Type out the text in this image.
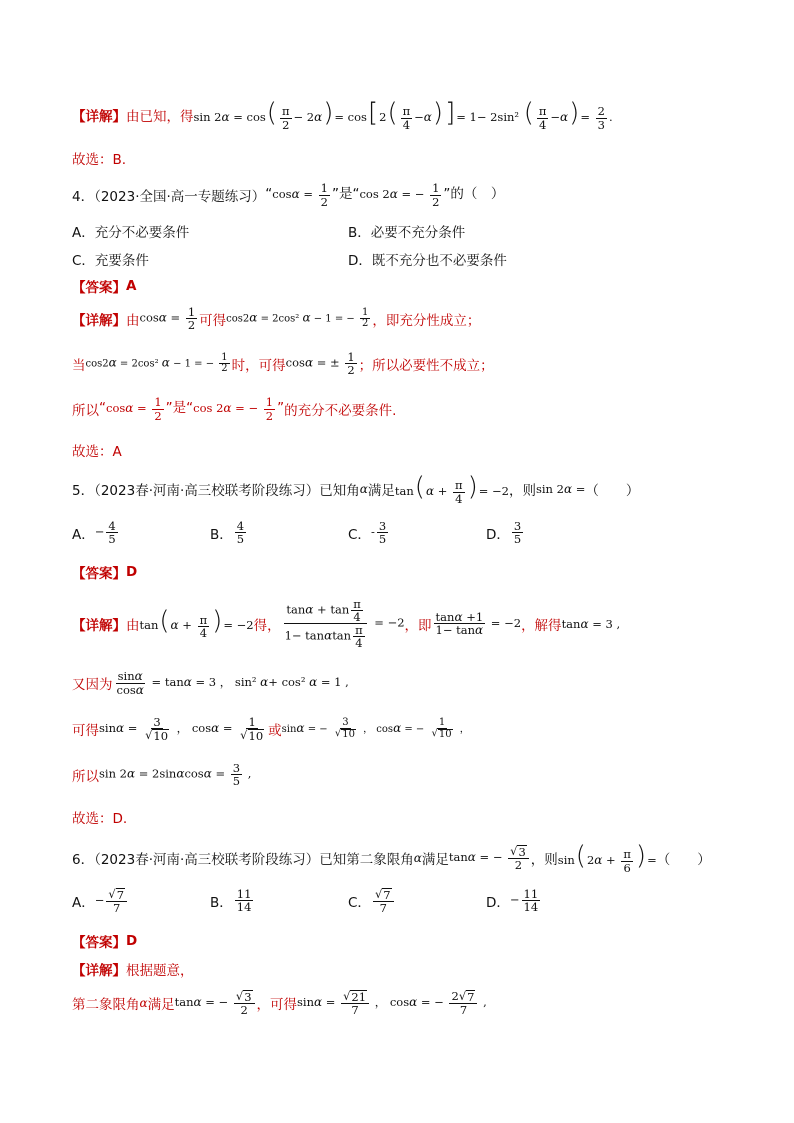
【详解】 由已知，得 $\sin 2\alpha = \cos( \frac{\pi}{2} - 2\alpha)= \cos[2( \frac{\pi}{4} -\alpha)]= 1- 2\sin^2$ ( $\frac{\pi}{4} -\alpha)= \frac{2}{3}$ .
故选：B.
4．（2023·全国·高一专题练习） “$\cos\alpha = \frac{1}{2}$ ”是“cos 2α = − $\frac{1}{2}$ ”的（　）
A．充分不必要条件	B．必要不充分条件
C．充要条件	D．既不充分也不必要条件
【答案】 A
【详解】 由 $\cos\alpha = \frac{1}{2}$ 可得 cos2α = 2cos² α − 1 = − $\frac{1}{2}$ ，即充分性成立；
当 cos2α = 2cos² α − 1 = − $\frac{1}{2}$ 时，可得 cosα = ± $\frac{1}{2}$ ；所以必要性不成立；
所以 “$\cos\alpha = \frac{1}{2}$ ”是“cos 2α = − $\frac{1}{2}$ ” 的充分不必要条件.
故选：A
5．（2023春·河南·高三校联考阶段练习）已知角 α 满足 $\tan(\alpha + \frac{\pi}{4}$ )= −2 ，则 sin 2α = （　　）
A． − $\frac{4}{5}$	B． $\frac{4}{5}$	C． ‑ $\frac{3}{5}$	D． $\frac{3}{5}$
【答案】 D
【详解】 由 $\tan(\alpha + \frac{\pi}{4}$ )= −2 得， $\frac{\tan\alpha + \tan \frac{\pi}{4}}{1- \tan\alpha\tan \frac{\pi}{4}} = -2$ ，即 $\frac{\tan\alpha +1}{1- \tan\alpha} = -2$ ，解得 tanα = 3 ,
又因为 $\frac{\sin\alpha}{\cos\alpha} = \tan\alpha = 3$ ， sin² α+ cos² α = 1 ,
可得 $\sin\alpha = \frac{3}{√ 10}$ ， $\cos\alpha = \frac{1}{√ 10}$ 或 sinα = − $\frac{3}{√ 10}$ ， cosα = − $\frac{1}{√ 10}$ ，
所以 $\sin 2\alpha = 2\sin\alpha\cos\alpha = \frac{3}{5}$ ,
故选：D.
6．（2023春·河南·高三校联考阶段练习）已知第二象限角 α 满足 tanα = − $\frac{√ 3}{2}$ ，则 $\sin(2\alpha + \frac{\pi}{6}$ )= （　　）
A． − $\frac{√ 7}{7}$	B． $\frac{11}{14}$	C． $\frac{√ 7}{7}$	D． − $\frac{11}{14}$
【答案】 D
【详解】 根据题意，
第二象限角 α 满足 tanα = − $\frac{√ 3}{2}$ ，可得 $\sin\alpha = \frac{√ 21}{7}$ ， cosα = − $\frac{2√ 7}{7}$ ,
